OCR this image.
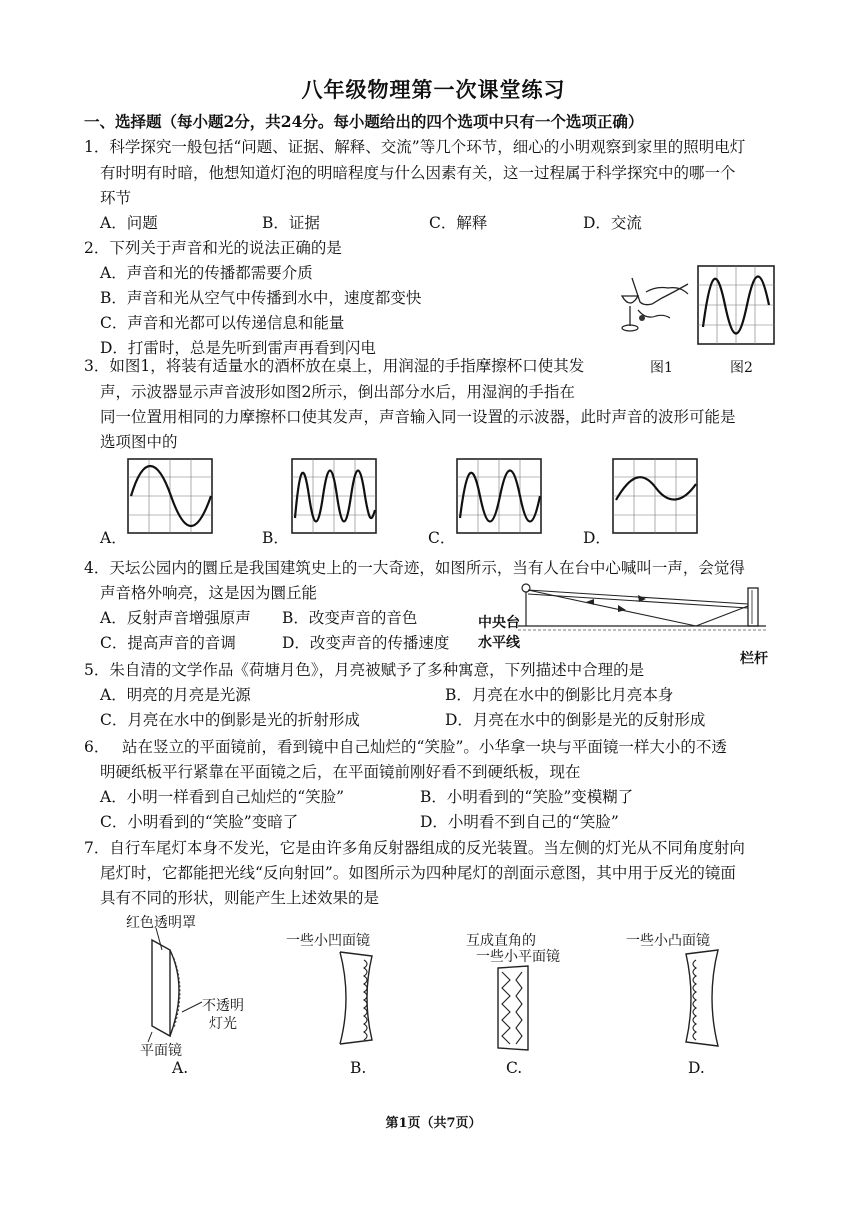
八年级物理第一次课堂练习
一、选择题（每小题2分，共24分。每小题给出的四个选项中只有一个选项正确）
1．科学探究一般包括“问题、证据、解释、交流”等几个环节，细心的小明观察到家里的照明电灯
有时明有时暗，他想知道灯泡的明暗程度与什么因素有关，这一过程属于科学探究中的哪一个
环节
A．问题	B．证据	C．解释	D．交流
2．下列关于声音和光的说法正确的是
A．声音和光的传播都需要介质
B．声音和光从空气中传播到水中，速度都变快
C．声音和光都可以传递信息和能量
D．打雷时，总是先听到雷声再看到闪电
图1	图2
3．如图1，将装有适量水的酒杯放在桌上，用润湿的手指摩擦杯口使其发
声，示波器显示声音波形如图2所示，倒出部分水后，用湿润的手指在
同一位置用相同的力摩擦杯口使其发声，声音输入同一设置的示波器，此时声音的波形可能是
选项图中的
A．	B．	C．	D．
4．天坛公园内的圜丘是我国建筑史上的一大奇迹，如图所示，当有人在台中心喊叫一声，会觉得
声音格外响亮，这是因为圜丘能
A．反射声音增强原声 B．改变声音的音色
C．提高声音的音调	D．改变声音的传播速度
中央台
水平线
栏杆
5．朱自清的文学作品《荷塘月色》，月亮被赋予了多种寓意，下列描述中合理的是
A．明亮的月亮是光源	B．月亮在水中的倒影比月亮本身
C．月亮在水中的倒影是光的折射形成	D．月亮在水中的倒影是光的反射形成
6．　 站在竖立的平面镜前，看到镜中自己灿烂的“笑脸”。小华拿一块与平面镜一样大小的不透
明硬纸板平行紧靠在平面镜之后，在平面镜前刚好看不到硬纸板，现在
A．小明一样看到自己灿烂的“笑脸”	B．小明看到的“笑脸”变模糊了
C．小明看到的“笑脸”变暗了	D．小明看不到自己的“笑脸”
7．自行车尾灯本身不发光，它是由许多角反射器组成的反光装置。当左侧的灯光从不同角度射向
尾灯时，它都能把光线“反向射回”。如图所示为四种尾灯的剖面示意图，其中用于反光的镜面
具有不同的形状，则能产生上述效果的是
红色透明罩
不透明
灯光
平面镜
A.
一些小凹面镜
B.
互成直角的
一些小平面镜
C.
一些小凸面镜
D.
第1页（共7页）
